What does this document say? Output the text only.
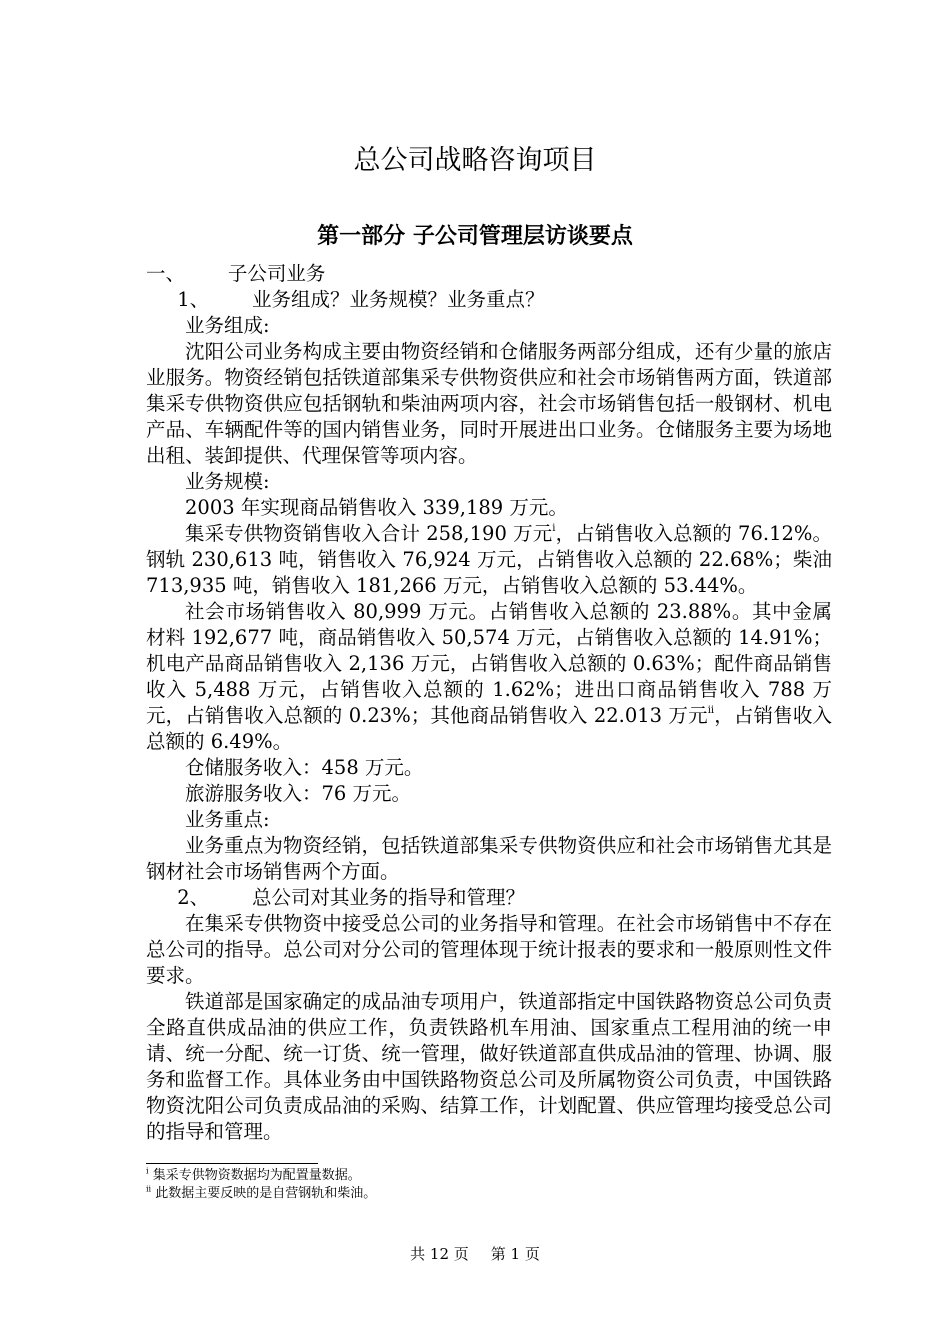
总公司战略咨询项目
第一部分 子公司管理层访谈要点

一、 子公司业务

1、 业务组成？业务规模？业务重点？

业务组成:

沈阳公司业务构成主要由物资经销和仓储服务两部分组成，还有少量的旅店业服务。物资经销包括铁道部集采专供物资供应和社会市场销售两方面，铁道部集采专供物资供应包括钢轨和柴油两项内容，社会市场销售包括一般钢材、机电产品、车辆配件等的国内销售业务，同时开展进出口业务。仓储服务主要为场地出租、装卸提供、代理保管等项内容。

业务规模:

2003 年实现商品销售收入 339,189 万元。

集采专供物资销售收入合计 258,190 万元$^i$，占销售收入总额的 76.12%。钢轨 230,613 吨，销售收入 76,924 万元，占销售收入总额的 22.68%；柴油 713,935 吨，销售收入 181,266 万元，占销售收入总额的 53.44%。

社会市场销售收入 80,999 万元。占销售收入总额的 23.88%。其中金属材料 192,677 吨，商品销售收入 50,574 万元，占销售收入总额的 14.91%；机电产品商品销售收入 2,136 万元，占销售收入总额的 0.63%；配件商品销售收入 5,488 万元，占销售收入总额的 1.62%；进出口商品销售收入 788 万元，占销售收入总额的 0.23%；其他商品销售收入 22.013 万元$^{ii}$，占销售收入总额的 6.49%。

仓储服务收入：458 万元。

旅游服务收入：76 万元。

业务重点:

业务重点为物资经销，包括铁道部集采专供物资供应和社会市场销售尤其是钢材社会市场销售两个方面。

2、 总公司对其业务的指导和管理？

在集采专供物资中接受总公司的业务指导和管理。在社会市场销售中不存在总公司的指导。总公司对分公司的管理体现于统计报表的要求和一般原则性文件要求。

铁道部是国家确定的成品油专项用户，铁道部指定中国铁路物资总公司负责全路直供成品油的供应工作，负责铁路机车用油、国家重点工程用油的统一申请、统一分配、统一订货、统一管理，做好铁道部直供成品油的管理、协调、服务和监督工作。具体业务由中国铁路物资总公司及所属物资公司负责，中国铁路物资沈阳公司负责成品油的采购、结算工作，计划配置、供应管理均接受总公司的指导和管理。

$^i$ 集采专供物资数据均为配置量数据。
$^{ii}$ 此数据主要反映的是自营钢轨和柴油。
共 12 页 第 1 页
